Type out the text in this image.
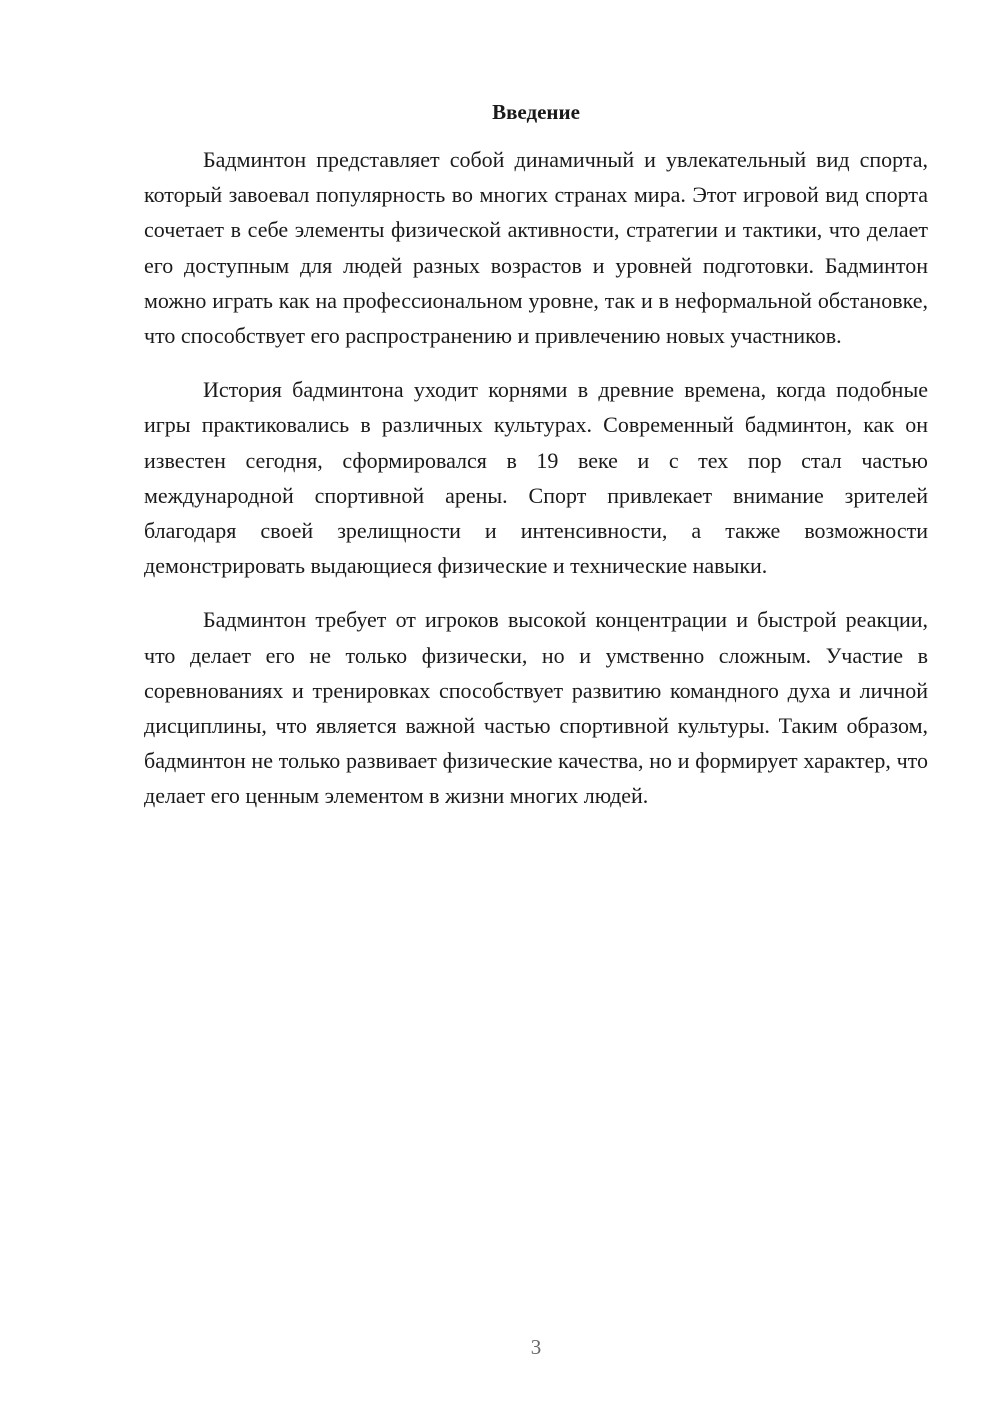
Введение

Бадминтон представляет собой динамичный и увлекательный вид спорта, который завоевал популярность во многих странах мира. Этот игровой вид спорта сочетает в себе элементы физической активности, стратегии и тактики, что делает его доступным для людей разных возрастов и уровней подготовки. Бадминтон можно играть как на профессиональном уровне, так и в неформальной обстановке, что способствует его распространению и привлечению новых участников.

История бадминтона уходит корнями в древние времена, когда подобные игры практиковались в различных культурах. Современный бадминтон, как он известен сегодня, сформировался в 19 веке и с тех пор стал частью международной спортивной арены. Спорт привлекает внимание зрителей благодаря своей зрелищности и интенсивности, а также возможности демонстрировать выдающиеся физические и технические навыки.

Бадминтон требует от игроков высокой концентрации и быстрой реакции, что делает его не только физически, но и умственно сложным. Участие в соревнованиях и тренировках способствует развитию командного духа и личной дисциплины, что является важной частью спортивной культуры. Таким образом, бадминтон не только развивает физические качества, но и формирует характер, что делает его ценным элементом в жизни многих людей.

3
